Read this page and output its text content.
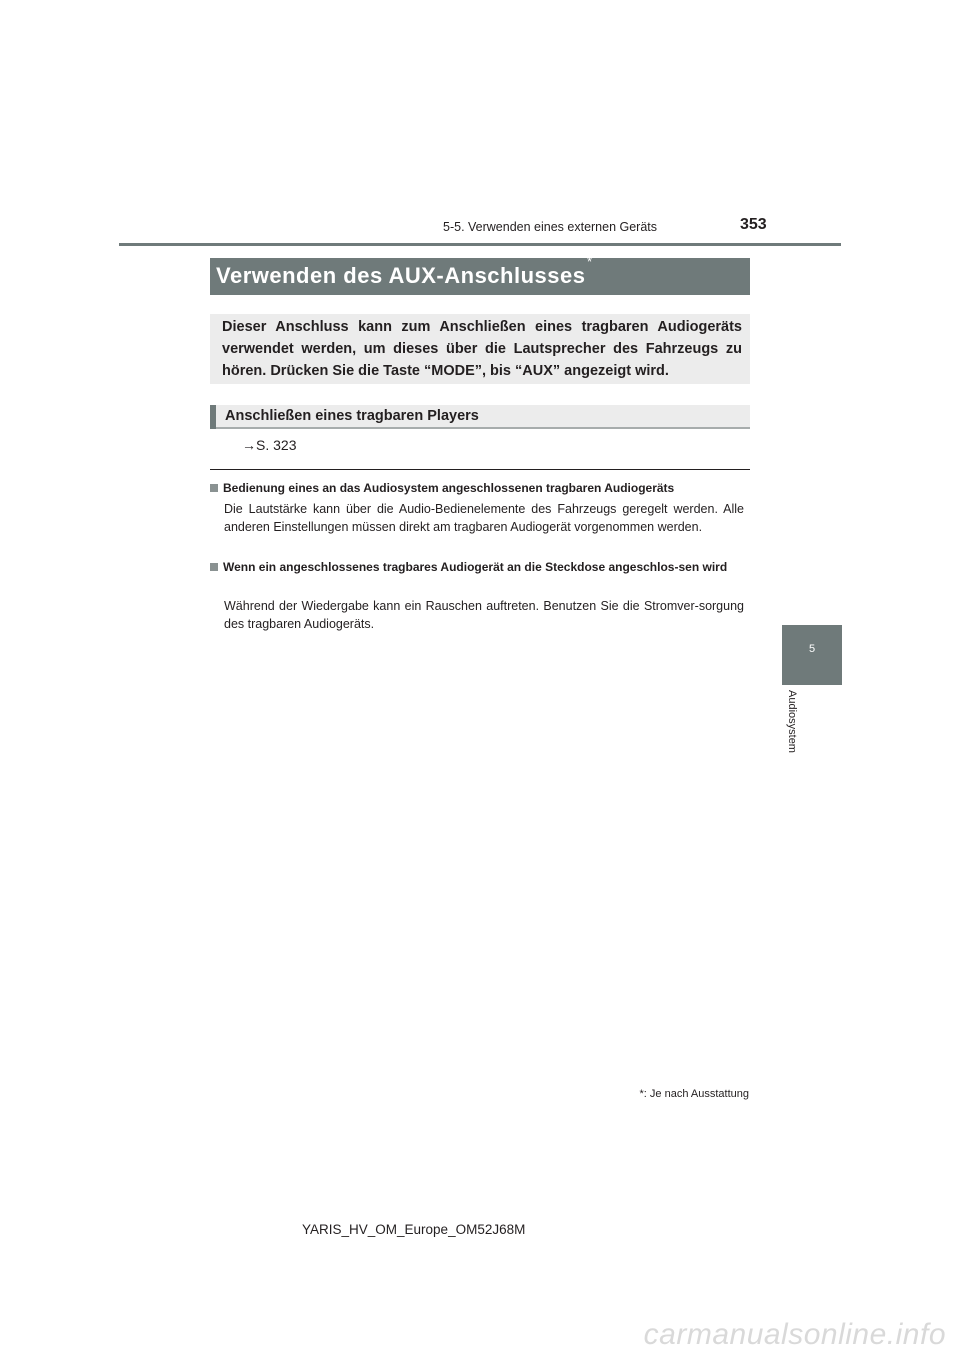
5-5. Verwenden eines externen Geräts	353
5
Audiosystem
Verwenden des AUX-Anschlusses
*
Dieser Anschluss kann zum Anschließen eines tragbaren Audiogeräts verwendet werden, um dieses über die Lautsprecher des Fahrzeugs zu hören. Drücken Sie die Taste “MODE”, bis “AUX” angezeigt wird.
Anschließen eines tragbaren Players
→S. 323
Bedienung eines an das Audiosystem angeschlossenen tragbaren Audiogeräts
Die Lautstärke kann über die Audio-Bedienelemente des Fahrzeugs geregelt werden. Alle anderen Einstellungen müssen direkt am tragbaren Audiogerät vorgenommen werden.
Wenn ein angeschlossenes tragbares Audiogerät an die Steckdose angeschlos-sen wird
Während der Wiedergabe kann ein Rauschen auftreten. Benutzen Sie die Stromver-sorgung des tragbaren Audiogeräts.
*: Je nach Ausstattung
YARIS_HV_OM_Europe_OM52J68M
carmanualsonline.info
